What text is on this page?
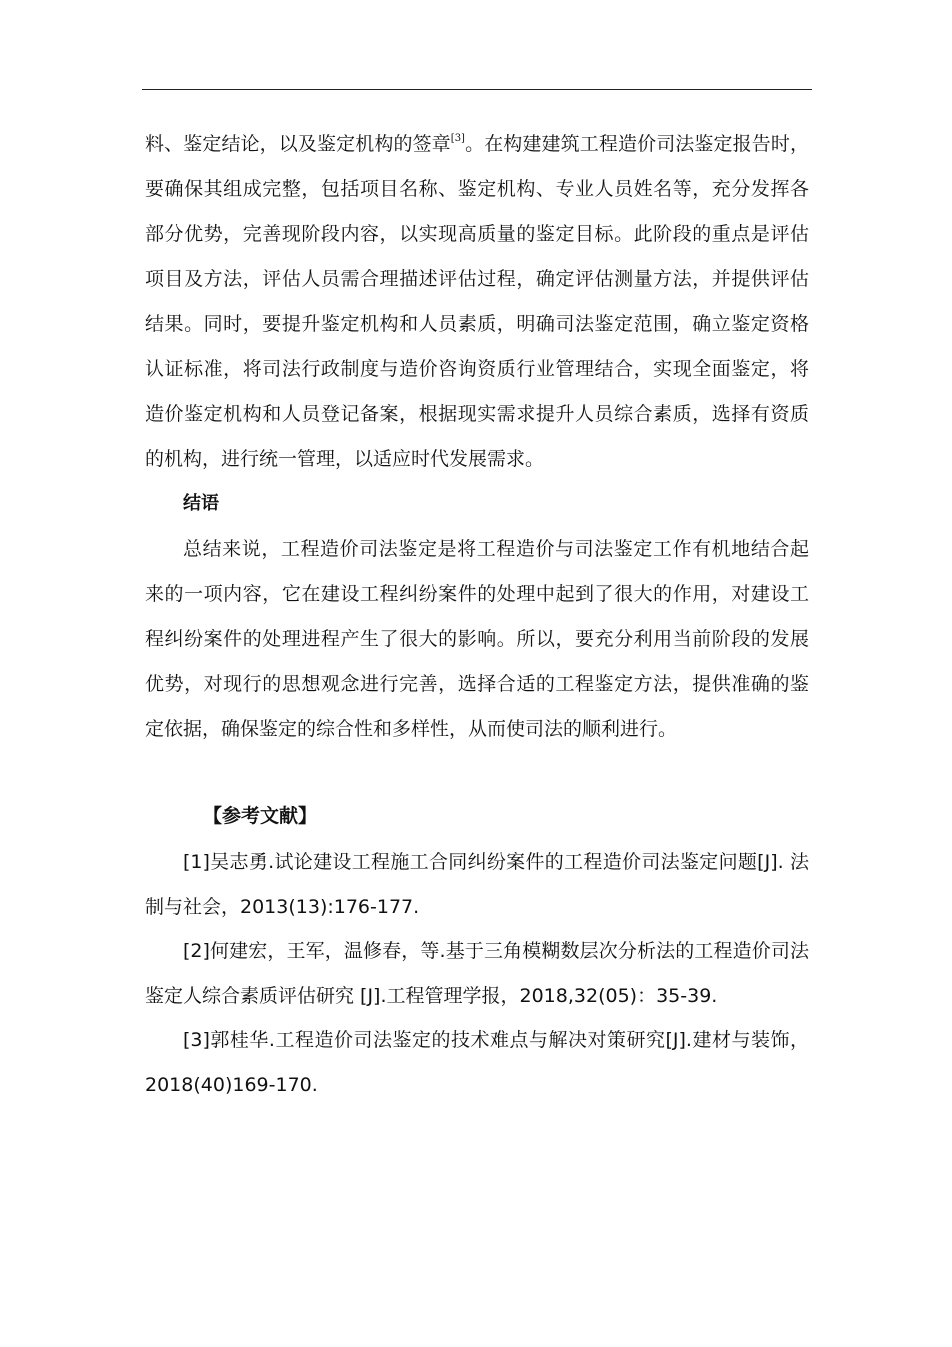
料、鉴定结论，以及鉴定机构的签章[3]。在构建建筑工程造价司法鉴定报告时，要确保其组成完整，包括项目名称、鉴定机构、专业人员姓名等，充分发挥各部分优势，完善现阶段内容，以实现高质量的鉴定目标。此阶段的重点是评估项目及方法，评估人员需合理描述评估过程，确定评估测量方法，并提供评估结果。同时，要提升鉴定机构和人员素质，明确司法鉴定范围，确立鉴定资格认证标准，将司法行政制度与造价咨询资质行业管理结合，实现全面鉴定，将造价鉴定机构和人员登记备案，根据现实需求提升人员综合素质，选择有资质的机构，进行统一管理，以适应时代发展需求。

结语

总结来说，工程造价司法鉴定是将工程造价与司法鉴定工作有机地结合起来的一项内容，它在建设工程纠纷案件的处理中起到了很大的作用，对建设工程纠纷案件的处理进程产生了很大的影响。所以，要充分利用当前阶段的发展优势，对现行的思想观念进行完善，选择合适的工程鉴定方法，提供准确的鉴定依据，确保鉴定的综合性和多样性，从而使司法的顺利进行。

【参考文献】

[1]吴志勇.试论建设工程施工合同纠纷案件的工程造价司法鉴定问题[J]. 法制与社会，2013(13):176-177.

[2]何建宏，王军，温修春，等.基于三角模糊数层次分析法的工程造价司法鉴定人综合素质评估研究 [J].工程管理学报，2018,32(05)：35-39.

[3]郭桂华.工程造价司法鉴定的技术难点与解决对策研究[J].建材与装饰，2018(40)169-170.
